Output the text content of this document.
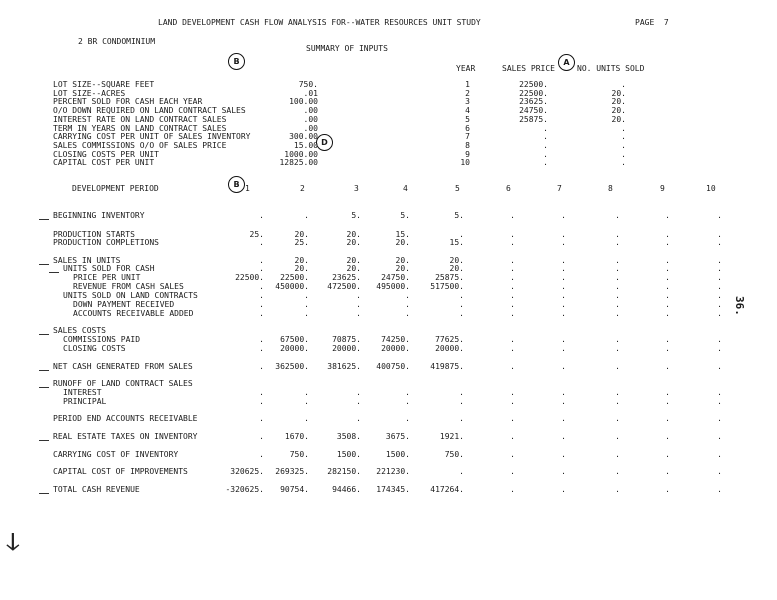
LAND DEVELOPMENT CASH FLOW ANALYSIS FOR--WATER RESOURCES UNIT STUDY	PAGE  7
2 BR CONDOMINIUM
SUMMARY OF INPUTS
B	A
D
B
YEAR	SALES PRICE	NO. UNITS SOLD
LOT SIZE--SQUARE FEET	750.
LOT SIZE--ACRES	.01
PERCENT SOLD FOR CASH EACH YEAR	100.00
O/O DOWN REQUIRED ON LAND CONTRACT SALES	.00
INTEREST RATE ON LAND CONTRACT SALES	.00
TERM IN YEARS ON LAND CONTRACT SALES	.00
CARRYING COST PER UNIT OF SALES INVENTORY	300.00
SALES COMMISSIONS O/O OF SALES PRICE	15.00
CLOSING COSTS PER UNIT	1000.00
CAPITAL COST PER UNIT	12825.00
1	22500.	.
2	22500.	20.
3	23625.	20.
4	24750.	20.
5	25875.	20.
6	.	.
7	.	.
8	.	.
9	.	.
10	.	.
DEVELOPMENT PERIOD	1	2	3	4	5	6	7	8	9	10
BEGINNING INVENTORY	.	.	5.	5.	5.	.	.	.	.	.
PRODUCTION STARTS	25.	20.	20.	15.	.	.	.	.	.	.
PRODUCTION COMPLETIONS	.	25.	20.	20.	15.	.	.	.	.	.
SALES IN UNITS	.	20.	20.	20.	20.	.	.	.	.	.
UNITS SOLD FOR CASH	.	20.	20.	20.	20.	.	.	.	.	.
PRICE PER UNIT	22500.	22500.	23625.	24750.	25875.	.	.	.	.	.
REVENUE FROM CASH SALES	.	450000.	472500.	495000.	517500.	.	.	.	.	.
UNITS SOLD ON LAND CONTRACTS	.	.	.	.	.	.	.	.	.	.
DOWN PAYMENT RECEIVED	.	.	.	.	.	.	.	.	.	.
ACCOUNTS RECEIVABLE ADDED	.	.	.	.	.	.	.	.	.	.
SALES COSTS
COMMISSIONS PAID	.	67500.	70875.	74250.	77625.	.	.	.	.	.
CLOSING COSTS	.	20000.	20000.	20000.	20000.	.	.	.	.	.
NET CASH GENERATED FROM SALES	.	362500.	381625.	400750.	419875.	.	.	.	.	.
RUNOFF OF LAND CONTRACT SALES
INTEREST	.	.	.	.	.	.	.	.	.	.
PRINCIPAL	.	.	.	.	.	.	.	.	.	.
PERIOD END ACCOUNTS RECEIVABLE	.	.	.	.	.	.	.	.	.	.
REAL ESTATE TAXES ON INVENTORY	.	1670.	3508.	3675.	1921.	.	.	.	.	.
CARRYING COST OF INVENTORY	.	750.	1500.	1500.	750.	.	.	.	.	.
CAPITAL COST OF IMPROVEMENTS	320625.	269325.	282150.	221230.	.	.	.	.	.	.
TOTAL CASH REVENUE	-320625.	90754.	94466.	174345.	417264.	.	.	.	.	.
36.
ↆ
